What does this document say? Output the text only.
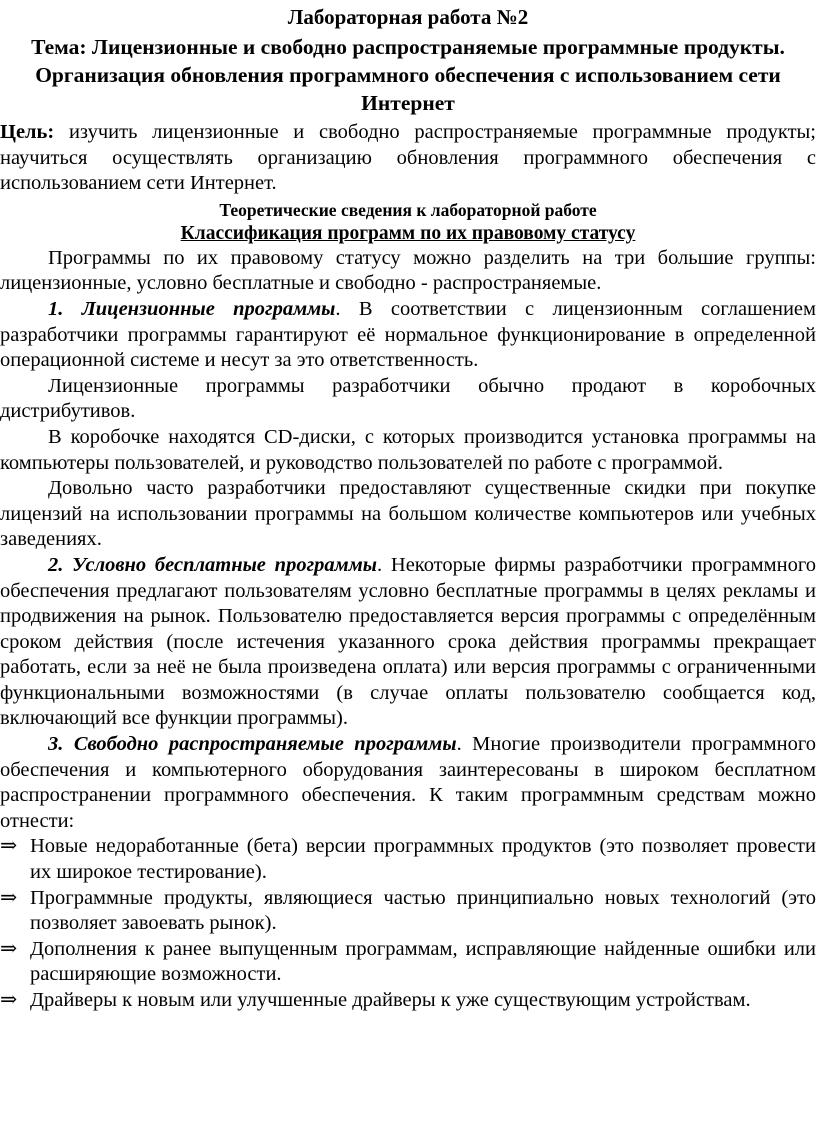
Лабораторная работа №2
Тема: Лицензионные и свободно распространяемые программные продукты. Организация обновления программного обеспечения с использованием сети Интернет

Цель: изучить лицензионные и свободно распространяемые программные продукты; научиться осуществлять организацию обновления программного обеспечения с использованием сети Интернет.

Теоретические сведения к лабораторной работе
Классификация программ по их правовому статусу

Программы по их правовому статусу можно разделить на три большие группы: лицензионные, условно бесплатные и свободно - распространяемые.

1. Лицензионные программы. В соответствии с лицензионным соглашением разработчики программы гарантируют её нормальное функционирование в определенной операционной системе и несут за это ответственность.

Лицензионные программы разработчики обычно продают в коробочных дистрибутивов.

В коробочке находятся CD-диски, с которых производится установка программы на компьютеры пользователей, и руководство пользователей по работе с программой.

Довольно часто разработчики предоставляют существенные скидки при покупке лицензий на использовании программы на большом количестве компьютеров или учебных заведениях.

2. Условно бесплатные программы. Некоторые фирмы разработчики программного обеспечения предлагают пользователям условно бесплатные программы в целях рекламы и продвижения на рынок. Пользователю предоставляется версия программы с определённым сроком действия (после истечения указанного срока действия программы прекращает работать, если за неё не была произведена оплата) или версия программы с ограниченными функциональными возможностями (в случае оплаты пользователю сообщается код, включающий все функции программы).

3. Свободно распространяемые программы. Многие производители программного обеспечения и компьютерного оборудования заинтересованы в широком бесплатном распространении программного обеспечения. К таким программным средствам можно отнести:

⇒ Новые недоработанные (бета) версии программных продуктов (это позволяет провести их широкое тестирование).
⇒ Программные продукты, являющиеся частью принципиально новых технологий (это позволяет завоевать рынок).
⇒ Дополнения к ранее выпущенным программам, исправляющие найденные ошибки или расширяющие возможности.
⇒ Драйверы к новым или улучшенные драйверы к уже существующим устройствам.
